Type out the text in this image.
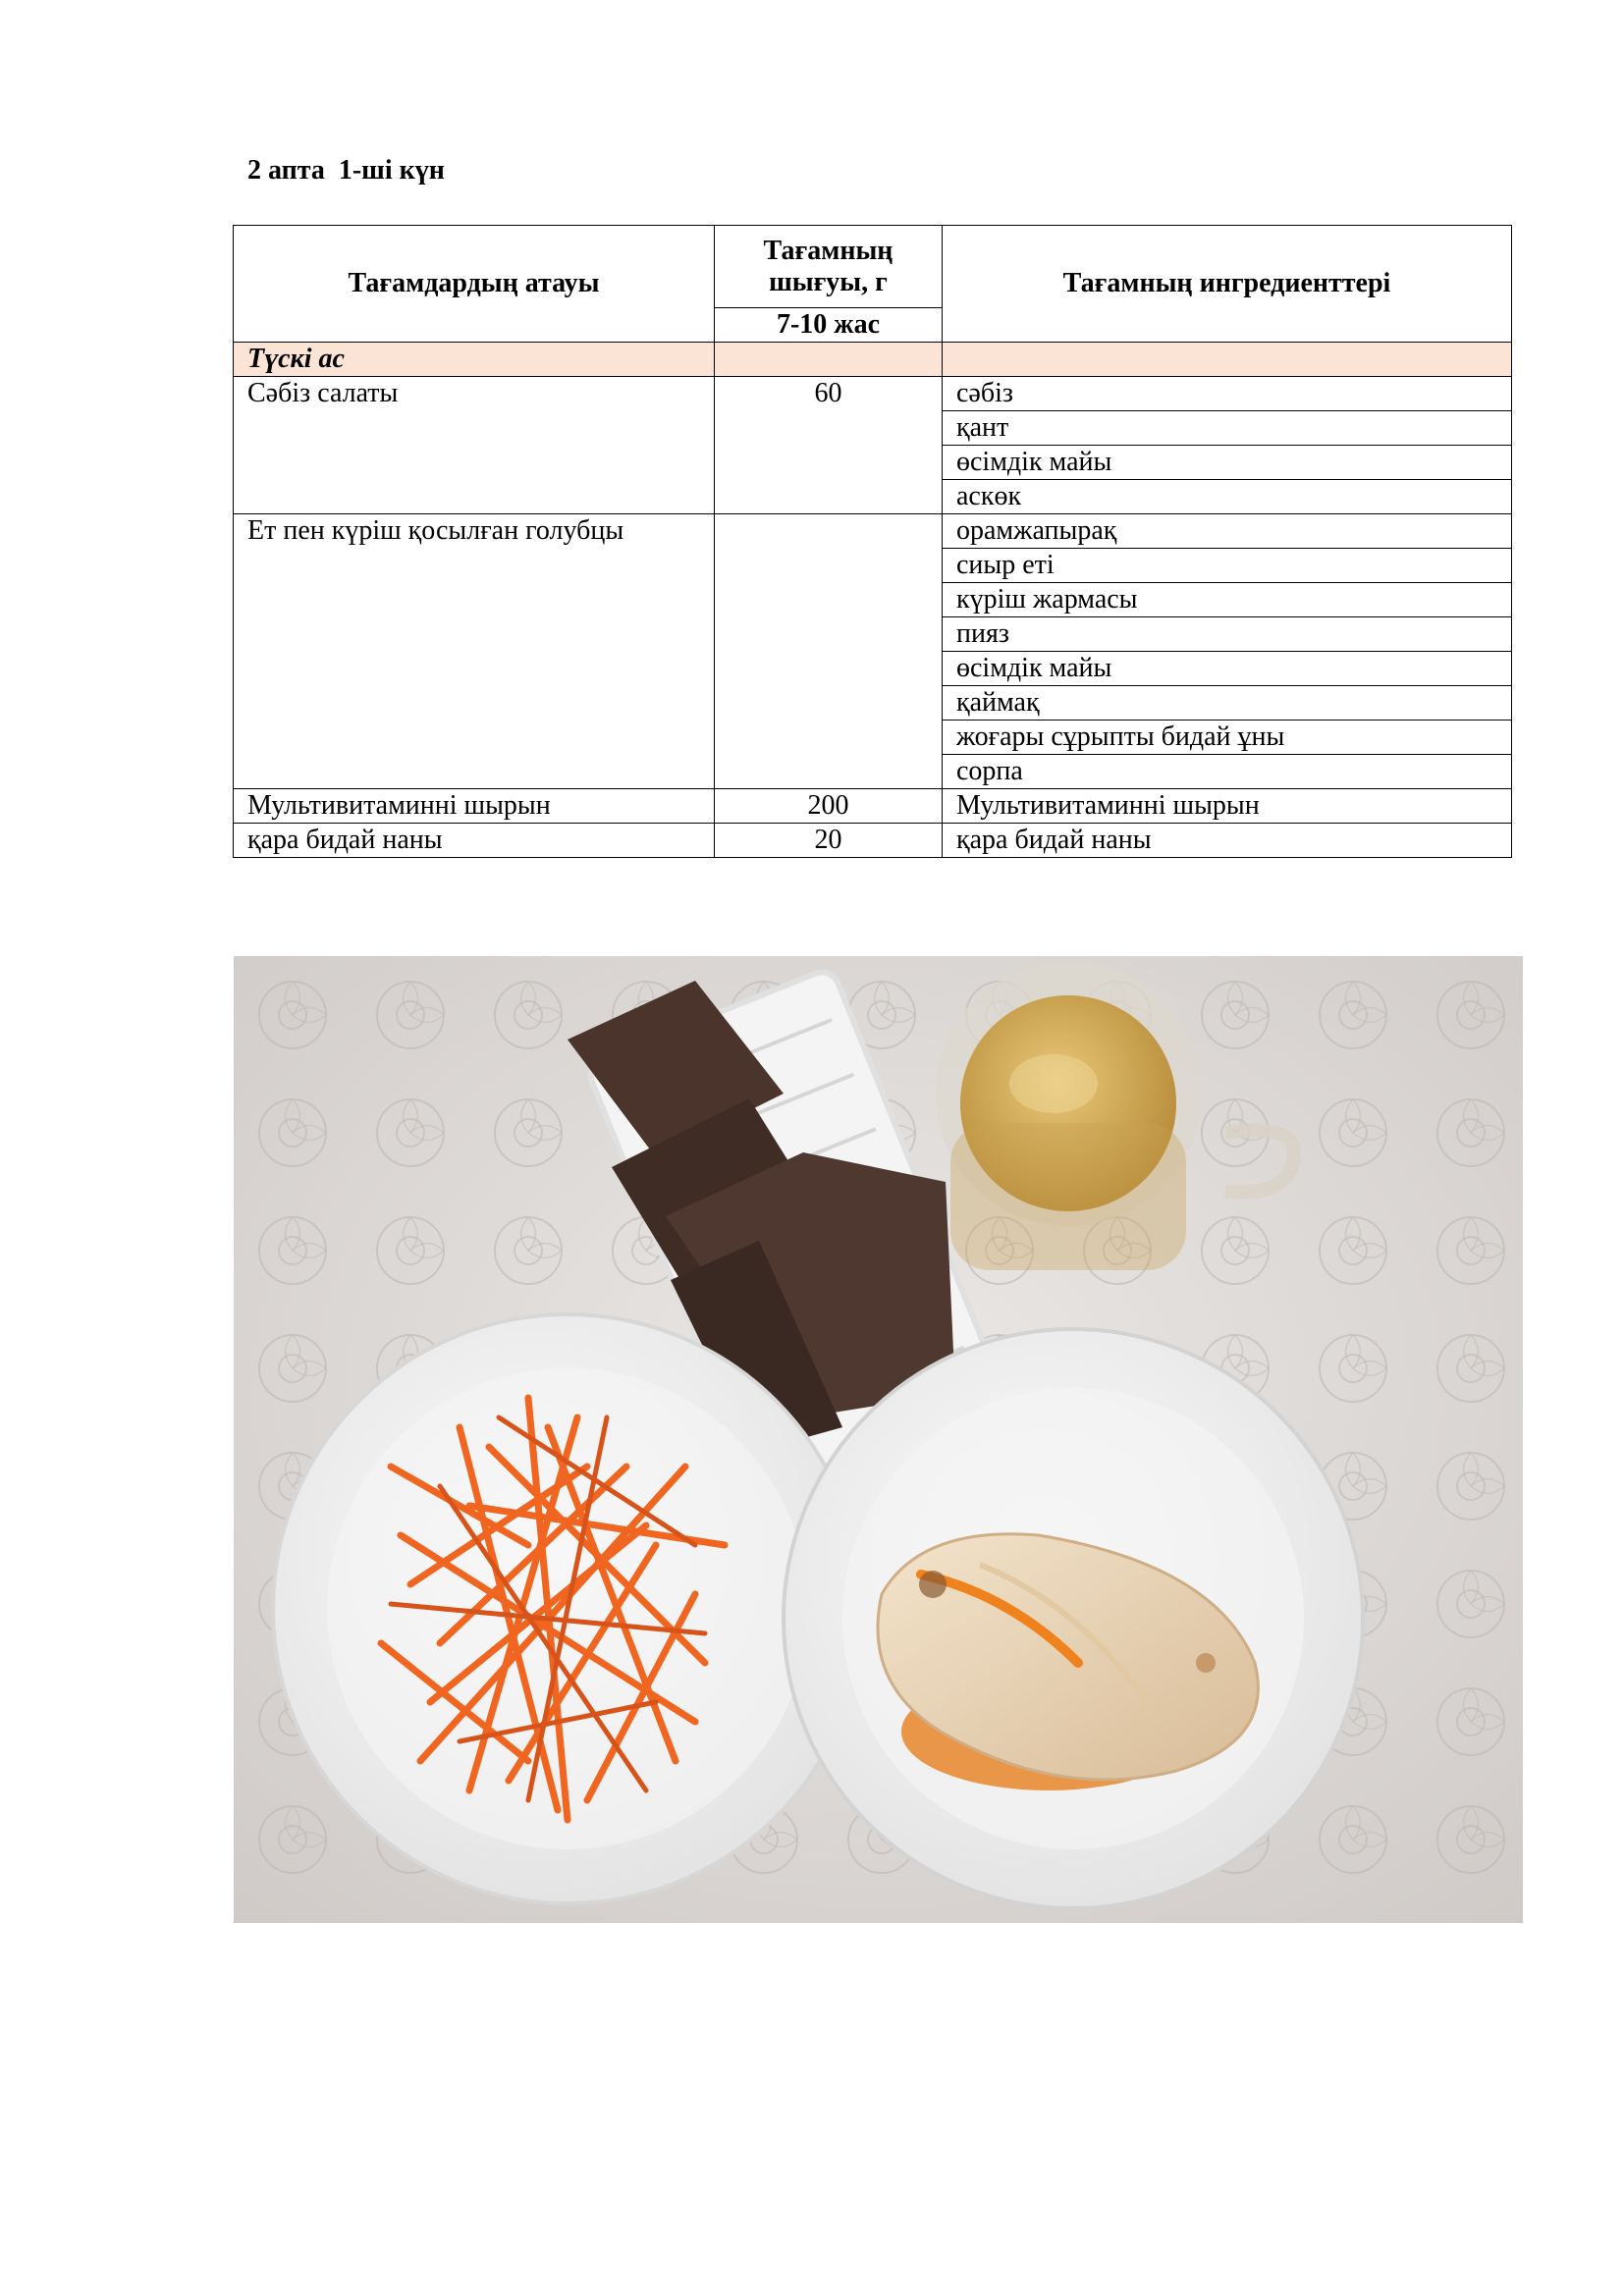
2 апта  1-ші күн
Тағамдардың атауы	Тағамның шығуы, г	Тағамның ингредиенттері
	7-10 жас	
Түскі ас		
Сәбіз салаты	60	сәбіз
		қант
		өсімдік майы
		аскөк
Ет пен күріш қосылған голубцы		орамжапырақ
		сиыр еті
		күріш жармасы
		пияз
		өсімдік майы
		қаймақ
		жоғары сұрыпты бидай ұны
		сорпа
Мультивитаминні шырын	200	Мультивитаминні шырын
қара бидай наны	20	қара бидай наны
